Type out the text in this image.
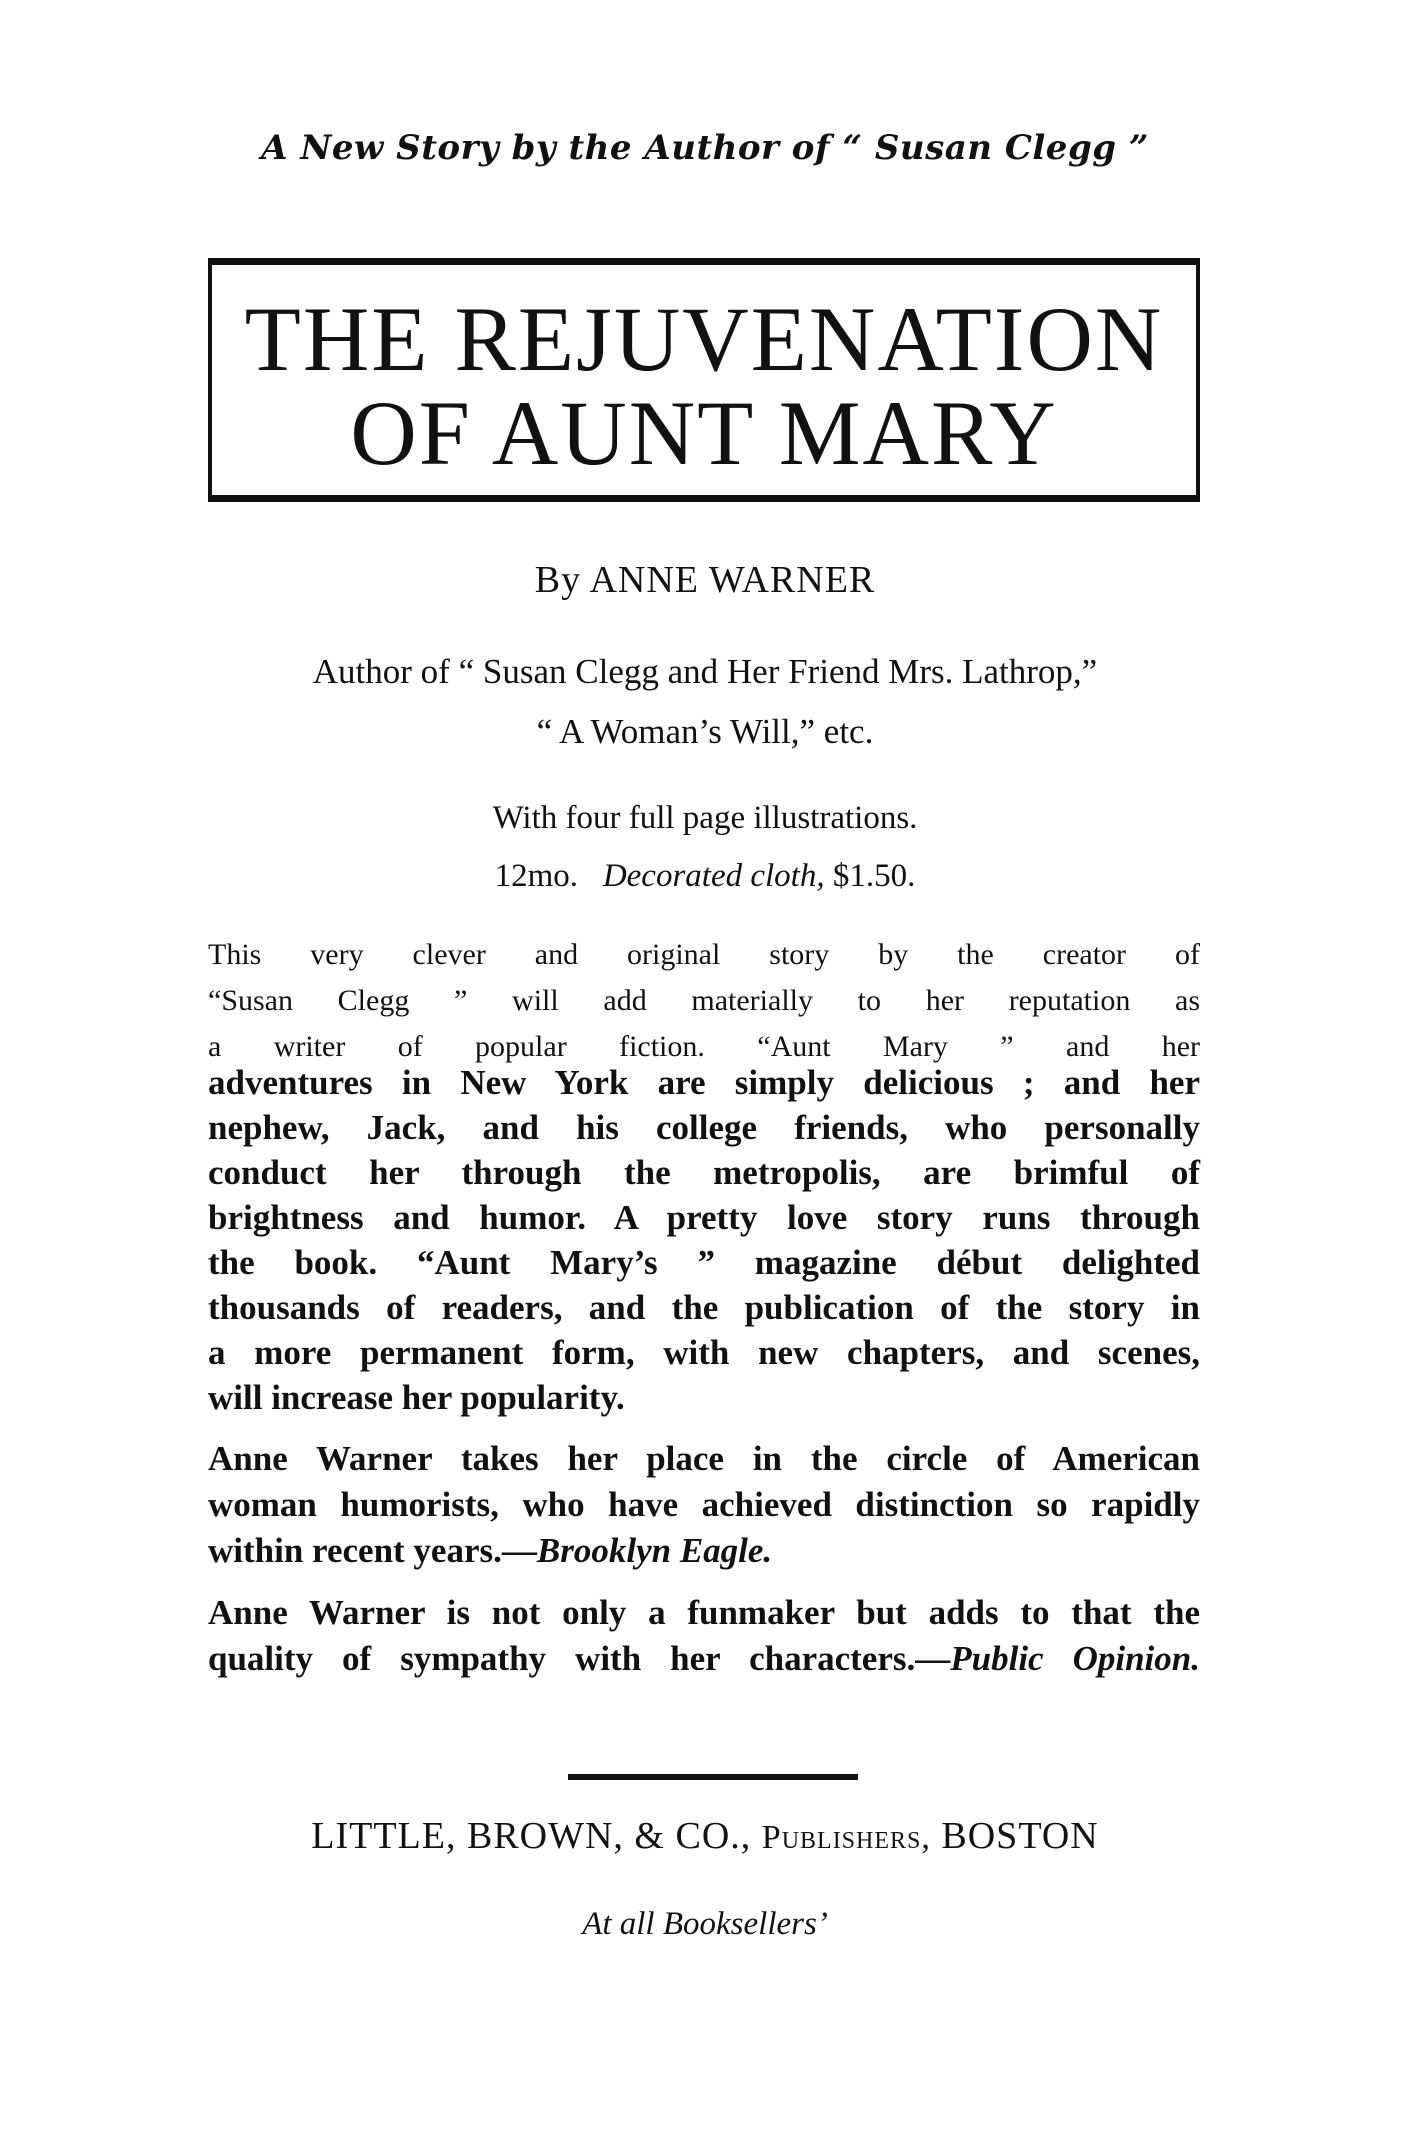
A New Story by the Author of “ Susan Clegg ”
THE REJUVENATION
OF AUNT MARY
By ANNE WARNER
Author of “ Susan Clegg and Her Friend Mrs. Lathrop,”
“ A Woman’s Will,” etc.
With four full page illustrations.
12mo. Decorated cloth, $1.50.
This very clever and original story by the creator of
“Susan Clegg ” will add materially to her reputation as
a writer of popular fiction. “Aunt Mary ” and her
adventures in New York are simply delicious ; and her
nephew, Jack, and his college friends, who personally
conduct her through the metropolis, are brimful of
brightness and humor. A pretty love story runs through
the book. “Aunt Mary’s ” magazine début delighted
thousands of readers, and the publication of the story in
a more permanent form, with new chapters, and scenes,
will increase her popularity.
Anne Warner takes her place in the circle of American
woman humorists, who have achieved distinction so rapidly
within recent years.—Brooklyn Eagle.
Anne Warner is not only a funmaker but adds to that the
quality of sympathy with her characters.—Public Opinion.
LITTLE, BROWN, & CO., Publishers, BOSTON
At all Booksellers’
